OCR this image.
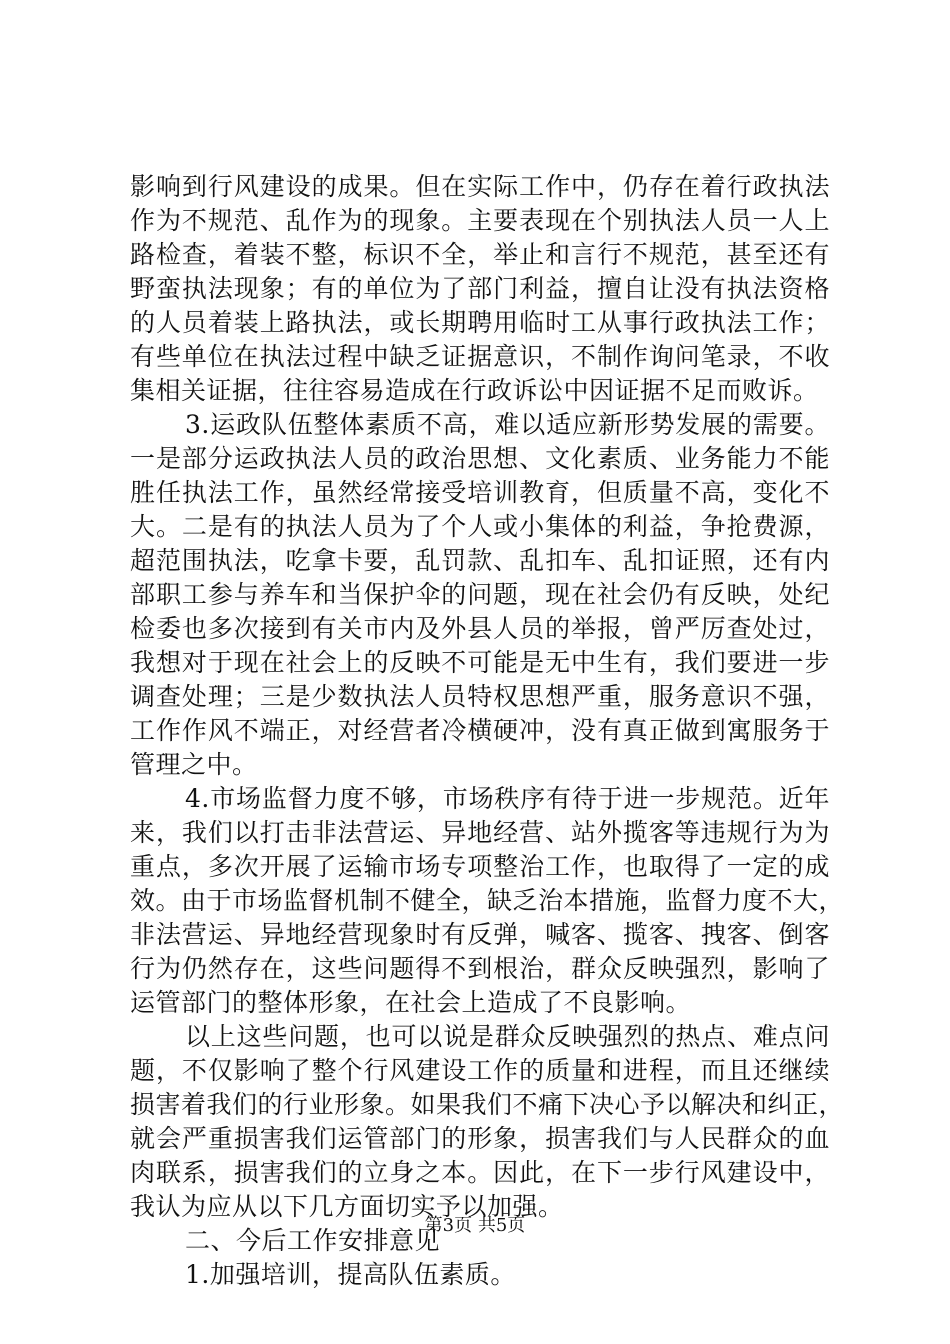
影响到行风建设的成果。但在实际工作中，仍存在着行政执法
作为不规范、乱作为的现象。主要表现在个别执法人员一人上
路检查，着装不整，标识不全，举止和言行不规范，甚至还有
野蛮执法现象；有的单位为了部门利益，擅自让没有执法资格
的人员着装上路执法，或长期聘用临时工从事行政执法工作；
有些单位在执法过程中缺乏证据意识，不制作询问笔录，不收
集相关证据，往往容易造成在行政诉讼中因证据不足而败诉。
3.运政队伍整体素质不高，难以适应新形势发展的需要。
一是部分运政执法人员的政治思想、文化素质、业务能力不能
胜任执法工作，虽然经常接受培训教育，但质量不高，变化不
大。二是有的执法人员为了个人或小集体的利益，争抢费源，
超范围执法，吃拿卡要，乱罚款、乱扣车、乱扣证照，还有内
部职工参与养车和当保护伞的问题，现在社会仍有反映，处纪
检委也多次接到有关市内及外县人员的举报，曾严厉查处过，
我想对于现在社会上的反映不可能是无中生有，我们要进一步
调查处理；三是少数执法人员特权思想严重，服务意识不强，
工作作风不端正，对经营者冷横硬冲，没有真正做到寓服务于
管理之中。
4.市场监督力度不够，市场秩序有待于进一步规范。近年
来，我们以打击非法营运、异地经营、站外揽客等违规行为为
重点，多次开展了运输市场专项整治工作，也取得了一定的成
效。由于市场监督机制不健全，缺乏治本措施，监督力度不大，
非法营运、异地经营现象时有反弹，喊客、揽客、拽客、倒客
行为仍然存在，这些问题得不到根治，群众反映强烈，影响了
运管部门的整体形象，在社会上造成了不良影响。
以上这些问题，也可以说是群众反映强烈的热点、难点问
题，不仅影响了整个行风建设工作的质量和进程，而且还继续
损害着我们的行业形象。如果我们不痛下决心予以解决和纠正，
就会严重损害我们运管部门的形象，损害我们与人民群众的血
肉联系，损害我们的立身之本。因此，在下一步行风建设中，
我认为应从以下几方面切实予以加强。
二、今后工作安排意见
1.加强培训，提高队伍素质。
第3页 共5页
